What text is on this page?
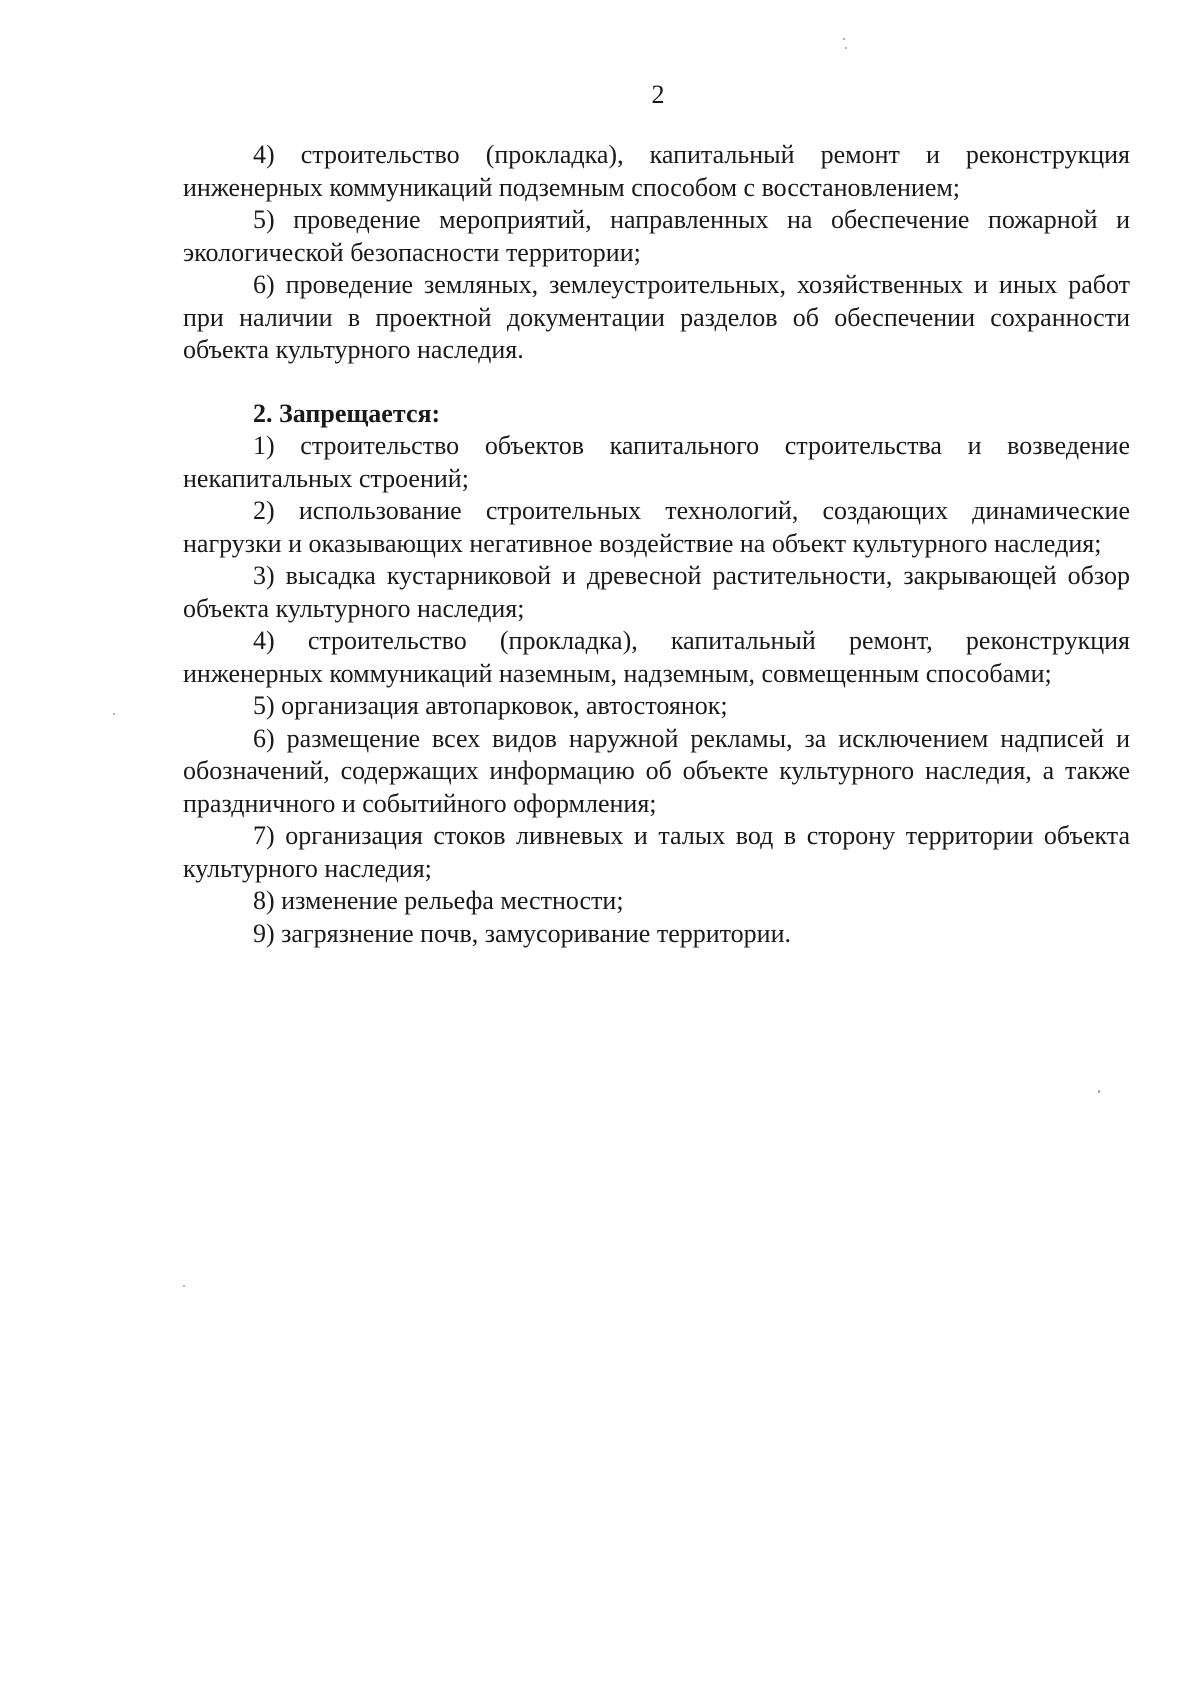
2

4) строительство (прокладка), капитальный ремонт и реконструкция инженерных коммуникаций подземным способом с восстановлением;

5) проведение мероприятий, направленных на обеспечение пожарной и экологической безопасности территории;

6) проведение земляных, землеустроительных, хозяйственных и иных работ при наличии в проектной документации разделов об обеспечении сохранности объекта культурного наследия.

2. Запрещается:

1) строительство объектов капитального строительства и возведение некапитальных строений;

2) использование строительных технологий, создающих динамические нагрузки и оказывающих негативное воздействие на объект культурного наследия;

3) высадка кустарниковой и древесной растительности, закрывающей обзор объекта культурного наследия;

4) строительство (прокладка), капитальный ремонт, реконструкция инженерных коммуникаций наземным, надземным, совмещенным способами;

5) организация автопарковок, автостоянок;

6) размещение всех видов наружной рекламы, за исключением надписей и обозначений, содержащих информацию об объекте культурного наследия, а также праздничного и событийного оформления;

7) организация стоков ливневых и талых вод в сторону территории объекта культурного наследия;

8) изменение рельефа местности;

9) загрязнение почв, замусоривание территории.
